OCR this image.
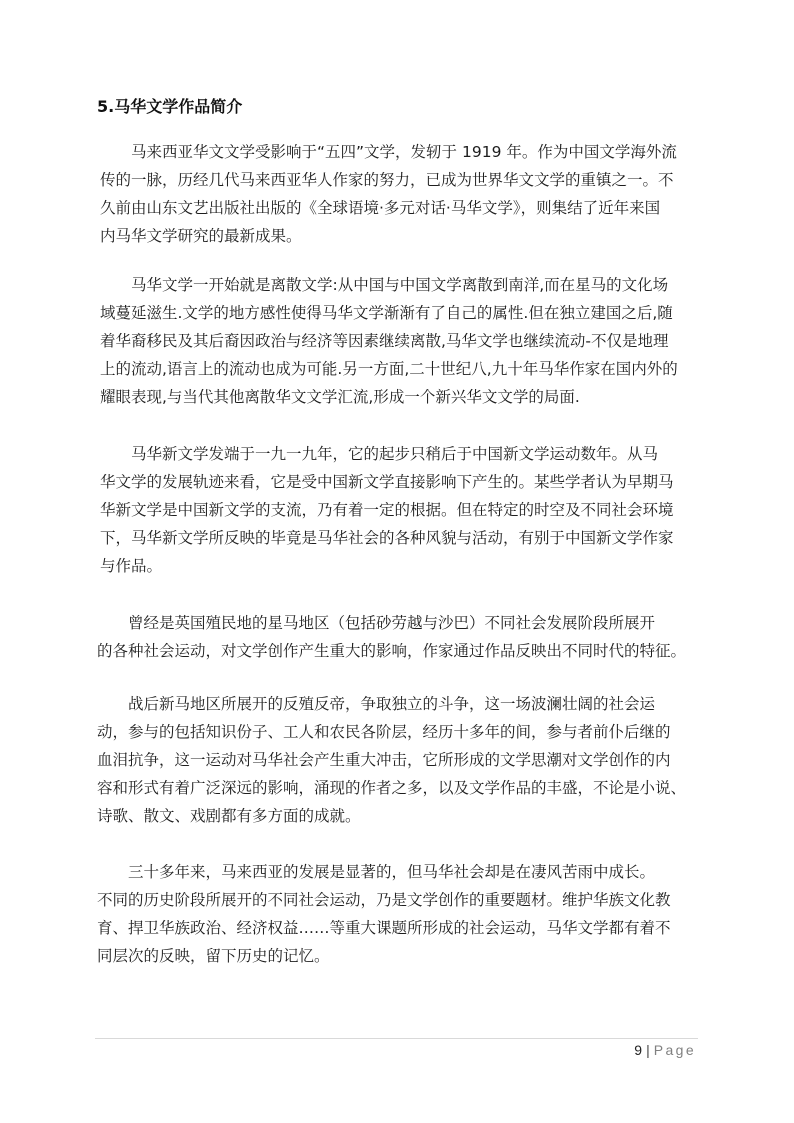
5.马华文学作品简介

　　马来西亚华文文学受影响于“五四”文学，发轫于 1919 年。作为中国文学海外流
传的一脉，历经几代马来西亚华人作家的努力，已成为世界华文文学的重镇之一。不
久前由山东文艺出版社出版的《全球语境·多元对话·马华文学》，则集结了近年来国
内马华文学研究的最新成果。

　　马华文学一开始就是离散文学:从中国与中国文学离散到南洋,而在星马的文化场
域蔓延滋生.文学的地方感性使得马华文学渐渐有了自己的属性.但在独立建国之后,随
着华裔移民及其后裔因政治与经济等因素继续离散,马华文学也继续流动-不仅是地理
上的流动,语言上的流动也成为可能.另一方面,二十世纪八,九十年马华作家在国内外的
耀眼表现,与当代其他离散华文文学汇流,形成一个新兴华文文学的局面.

　　马华新文学发端于一九一九年，它的起步只稍后于中国新文学运动数年。从马
华文学的发展轨迹来看，它是受中国新文学直接影响下产生的。某些学者认为早期马
华新文学是中国新文学的支流，乃有着一定的根据。但在特定的时空及不同社会环境
下，马华新文学所反映的毕竟是马华社会的各种风貌与活动，有别于中国新文学作家
与作品。

　　曾经是英国殖民地的星马地区（包括砂劳越与沙巴）不同社会发展阶段所展开
的各种社会运动，对文学创作产生重大的影响，作家通过作品反映出不同时代的特征。

　　战后新马地区所展开的反殖反帝，争取独立的斗争，这一场波澜壮阔的社会运
动，参与的包括知识份子、工人和农民各阶层，经历十多年的间，参与者前仆后继的
血泪抗争，这一运动对马华社会产生重大冲击，它所形成的文学思潮对文学创作的内
容和形式有着广泛深远的影响，涌现的作者之多，以及文学作品的丰盛，不论是小说、
诗歌、散文、戏剧都有多方面的成就。

　　三十多年来，马来西亚的发展是显著的，但马华社会却是在凄风苦雨中成长。
不同的历史阶段所展开的不同社会运动，乃是文学创作的重要题材。维护华族文化教
育、捍卫华族政治、经济权益……等重大课题所形成的社会运动，马华文学都有着不
同层次的反映，留下历史的记忆。

9 | Page
